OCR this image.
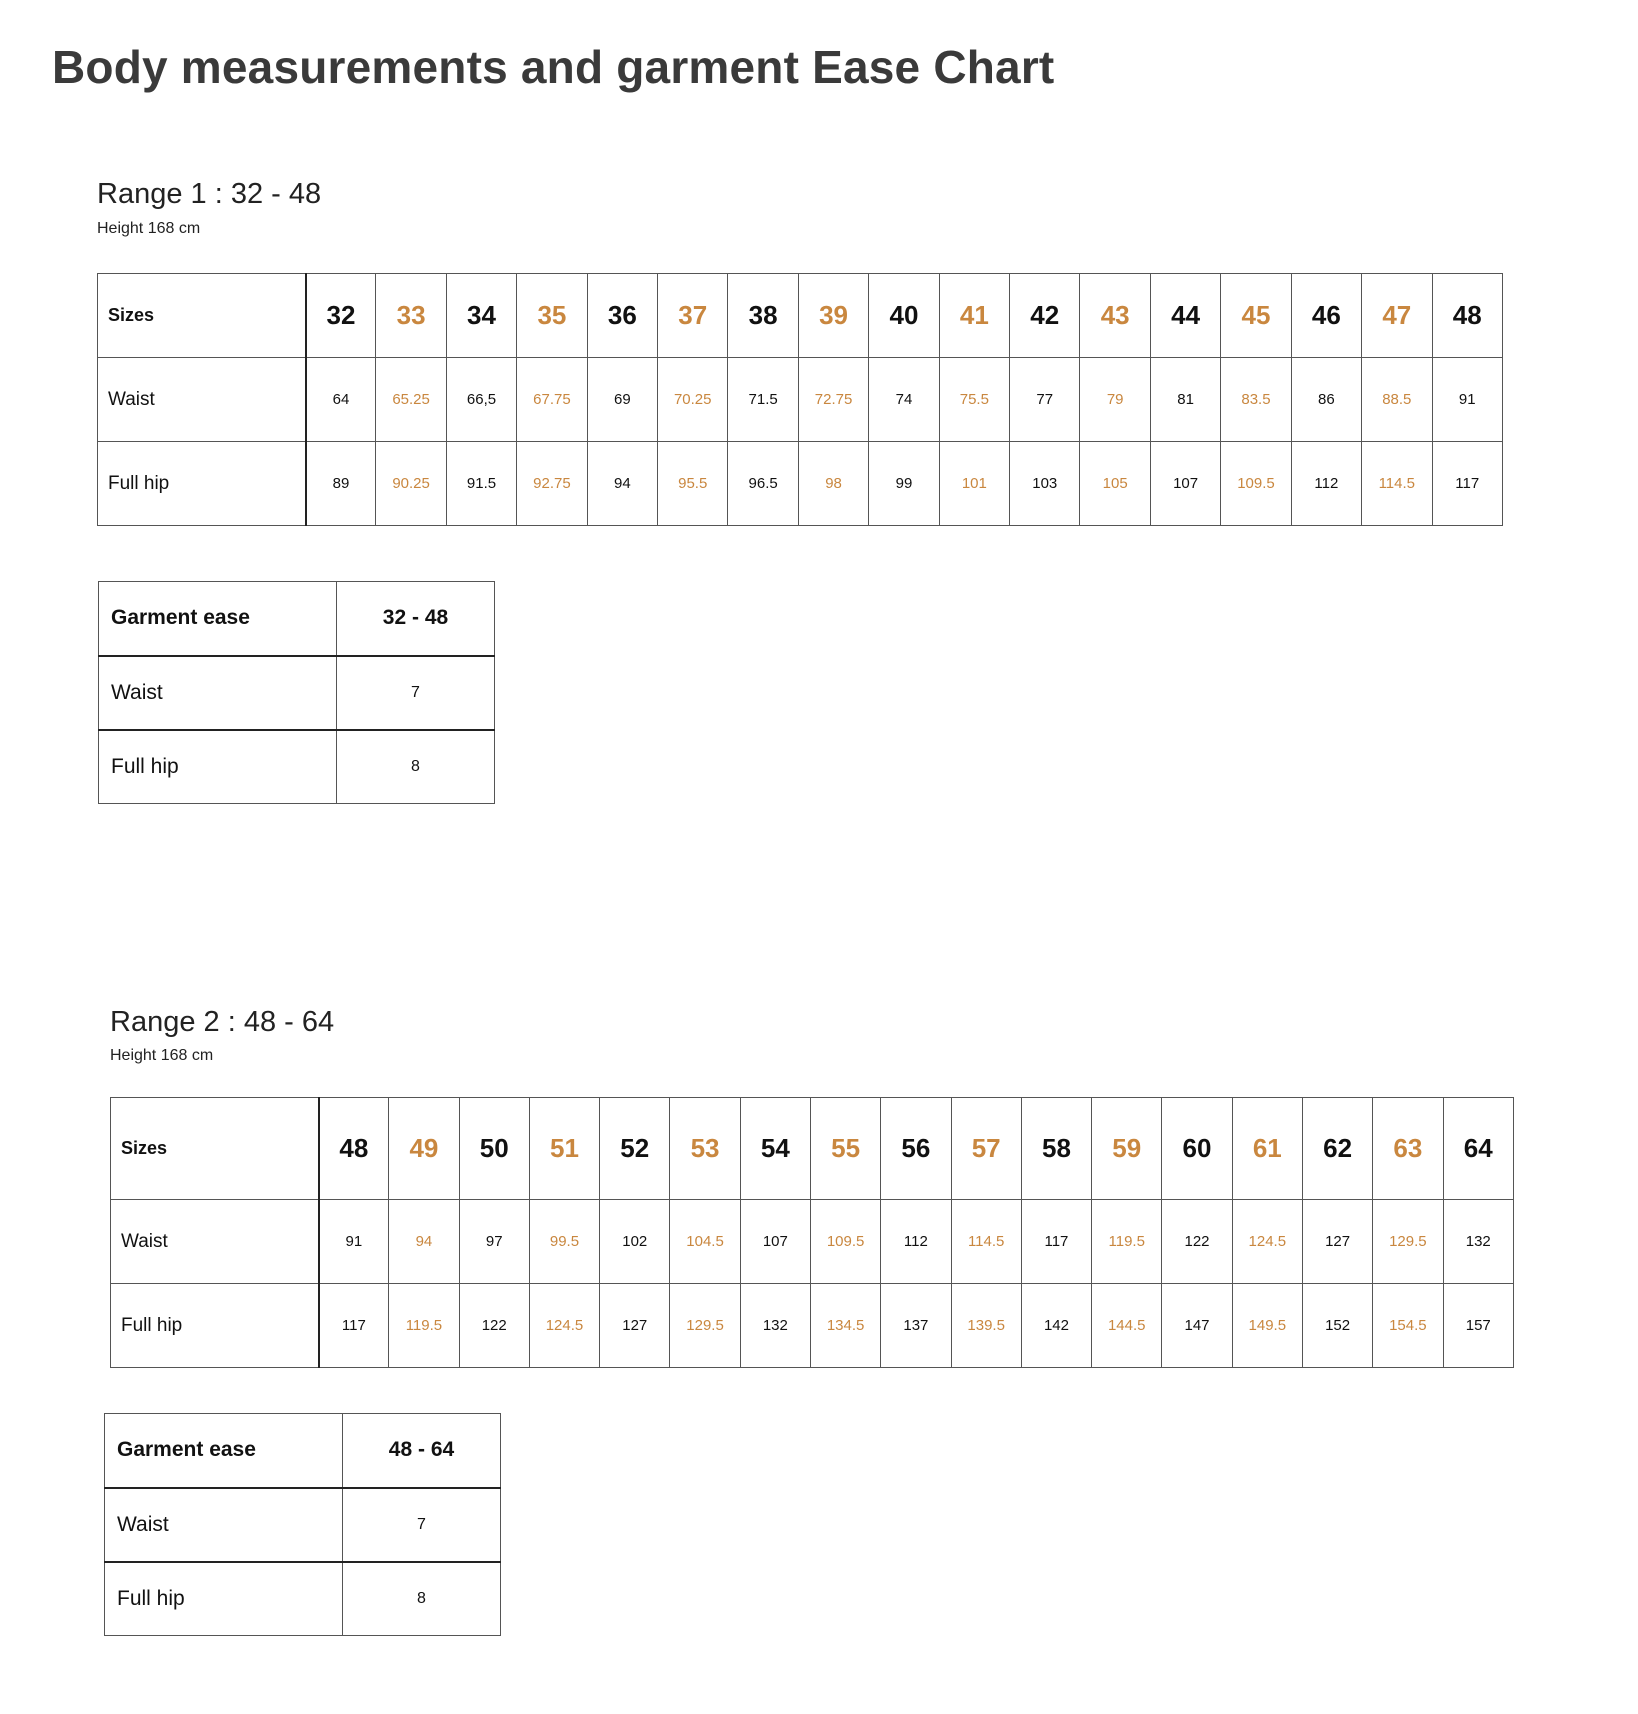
Body measurements and garment Ease Chart
Range 1 : 32 - 48

Height 168 cm

Sizes	32	33	34	35	36	37	38	39	40	41	42	43	44	45	46	47	48
Waist	64	65.25	66,5	67.75	69	70.25	71.5	72.75	74	75.5	77	79	81	83.5	86	88.5	91
Full hip	89	90.25	91.5	92.75	94	95.5	96.5	98	99	101	103	105	107	109.5	112	114.5	117
Garment ease	32 - 48
Waist	7
Full hip	8
Range 2 : 48 - 64

Height 168 cm

Sizes	48	49	50	51	52	53	54	55	56	57	58	59	60	61	62	63	64
Waist	91	94	97	99.5	102	104.5	107	109.5	112	114.5	117	119.5	122	124.5	127	129.5	132
Full hip	117	119.5	122	124.5	127	129.5	132	134.5	137	139.5	142	144.5	147	149.5	152	154.5	157
Garment ease	48 - 64
Waist	7
Full hip	8
